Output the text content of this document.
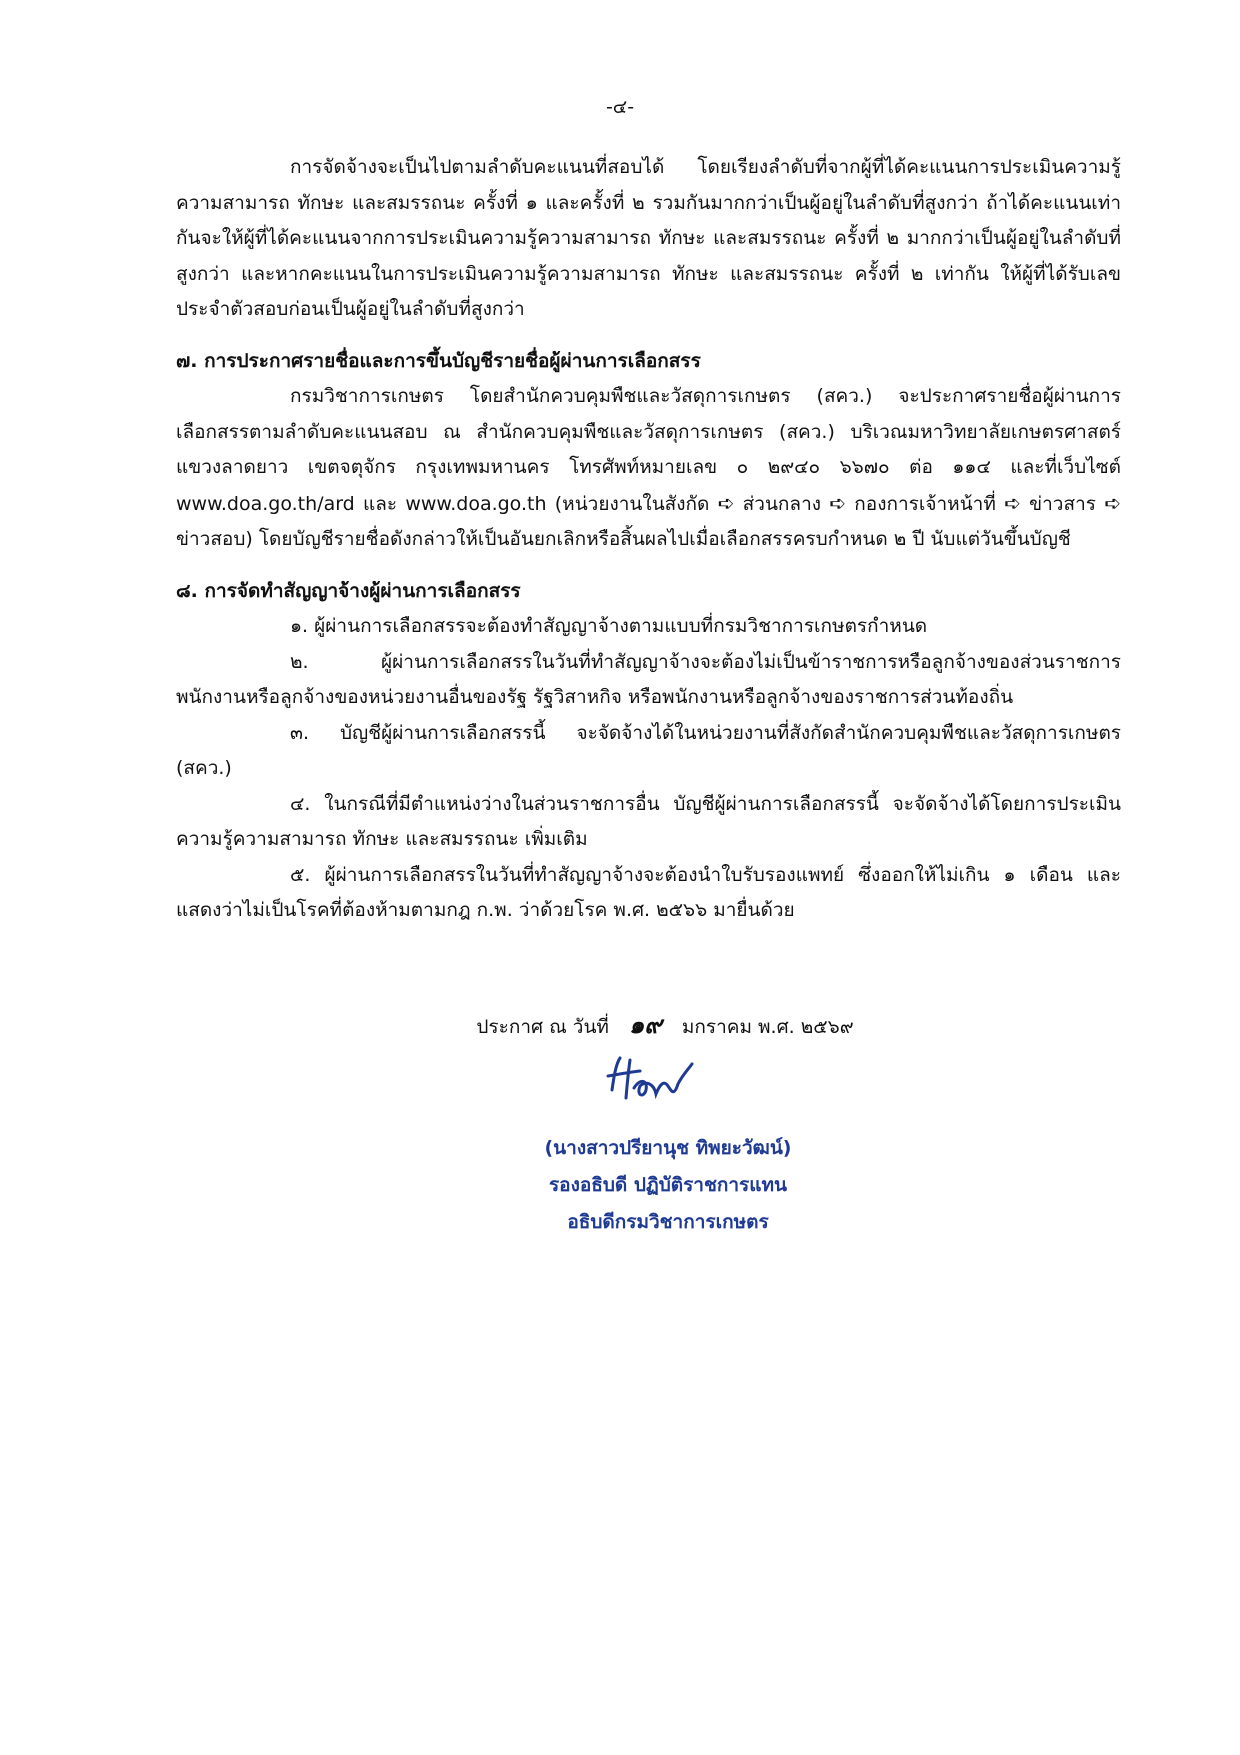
-๔-

การจัดจ้างจะเป็นไปตามลำดับคะแนนที่สอบได้ โดยเรียงลำดับที่จากผู้ที่ได้คะแนนการประเมินความรู้ความสามารถ ทักษะ และสมรรถนะ ครั้งที่ ๑ และครั้งที่ ๒ รวมกันมากกว่าเป็นผู้อยู่ในลำดับที่สูงกว่า ถ้าได้คะแนนเท่ากันจะให้ผู้ที่ได้คะแนนจากการประเมินความรู้ความสามารถ ทักษะ และสมรรถนะ ครั้งที่ ๒ มากกว่าเป็นผู้อยู่ในลำดับที่สูงกว่า และหากคะแนนในการประเมินความรู้ความสามารถ ทักษะ และสมรรถนะ ครั้งที่ ๒ เท่ากัน ให้ผู้ที่ได้รับเลขประจำตัวสอบก่อนเป็นผู้อยู่ในลำดับที่สูงกว่า

๗. การประกาศรายชื่อและการขึ้นบัญชีรายชื่อผู้ผ่านการเลือกสรร

กรมวิชาการเกษตร โดยสำนักควบคุมพืชและวัสดุการเกษตร (สคว.) จะประกาศรายชื่อผู้ผ่านการเลือกสรรตามลำดับคะแนนสอบ ณ สำนักควบคุมพืชและวัสดุการเกษตร (สคว.) บริเวณมหาวิทยาลัยเกษตรศาสตร์ แขวงลาดยาว เขตจตุจักร กรุงเทพมหานคร โทรศัพท์หมายเลข ๐ ๒๙๔๐ ๖๖๗๐ ต่อ ๑๑๔ และที่เว็บไซต์ www.doa.go.th/ard และ www.doa.go.th (หน่วยงานในสังกัด ➪ ส่วนกลาง ➪ กองการเจ้าหน้าที่ ➪ ข่าวสาร ➪ ข่าวสอบ) โดยบัญชีรายชื่อดังกล่าวให้เป็นอันยกเลิกหรือสิ้นผลไปเมื่อเลือกสรรครบกำหนด ๒ ปี นับแต่วันขึ้นบัญชี

๘. การจัดทำสัญญาจ้างผู้ผ่านการเลือกสรร

๑. ผู้ผ่านการเลือกสรรจะต้องทำสัญญาจ้างตามแบบที่กรมวิชาการเกษตรกำหนด

๒. ผู้ผ่านการเลือกสรรในวันที่ทำสัญญาจ้างจะต้องไม่เป็นข้าราชการหรือลูกจ้างของส่วนราชการ พนักงานหรือลูกจ้างของหน่วยงานอื่นของรัฐ รัฐวิสาหกิจ หรือพนักงานหรือลูกจ้างของราชการส่วนท้องถิ่น

๓. บัญชีผู้ผ่านการเลือกสรรนี้ จะจัดจ้างได้ในหน่วยงานที่สังกัดสำนักควบคุมพืชและวัสดุการเกษตร (สคว.)

๔. ในกรณีที่มีตำแหน่งว่างในส่วนราชการอื่น บัญชีผู้ผ่านการเลือกสรรนี้ จะจัดจ้างได้โดยการประเมินความรู้ความสามารถ ทักษะ และสมรรถนะ เพิ่มเติม

๕. ผู้ผ่านการเลือกสรรในวันที่ทำสัญญาจ้างจะต้องนำใบรับรองแพทย์ ซึ่งออกให้ไม่เกิน ๑ เดือน และแสดงว่าไม่เป็นโรคที่ต้องห้ามตามกฎ ก.พ. ว่าด้วยโรค พ.ศ. ๒๕๖๖ มายื่นด้วย

ประกาศ ณ วันที่ ๑๙ มกราคม พ.ศ. ๒๕๖๙
(นางสาวปรียานุช ทิพยะวัฒน์)
รองอธิบดี ปฏิบัติราชการแทน
อธิบดีกรมวิชาการเกษตร
